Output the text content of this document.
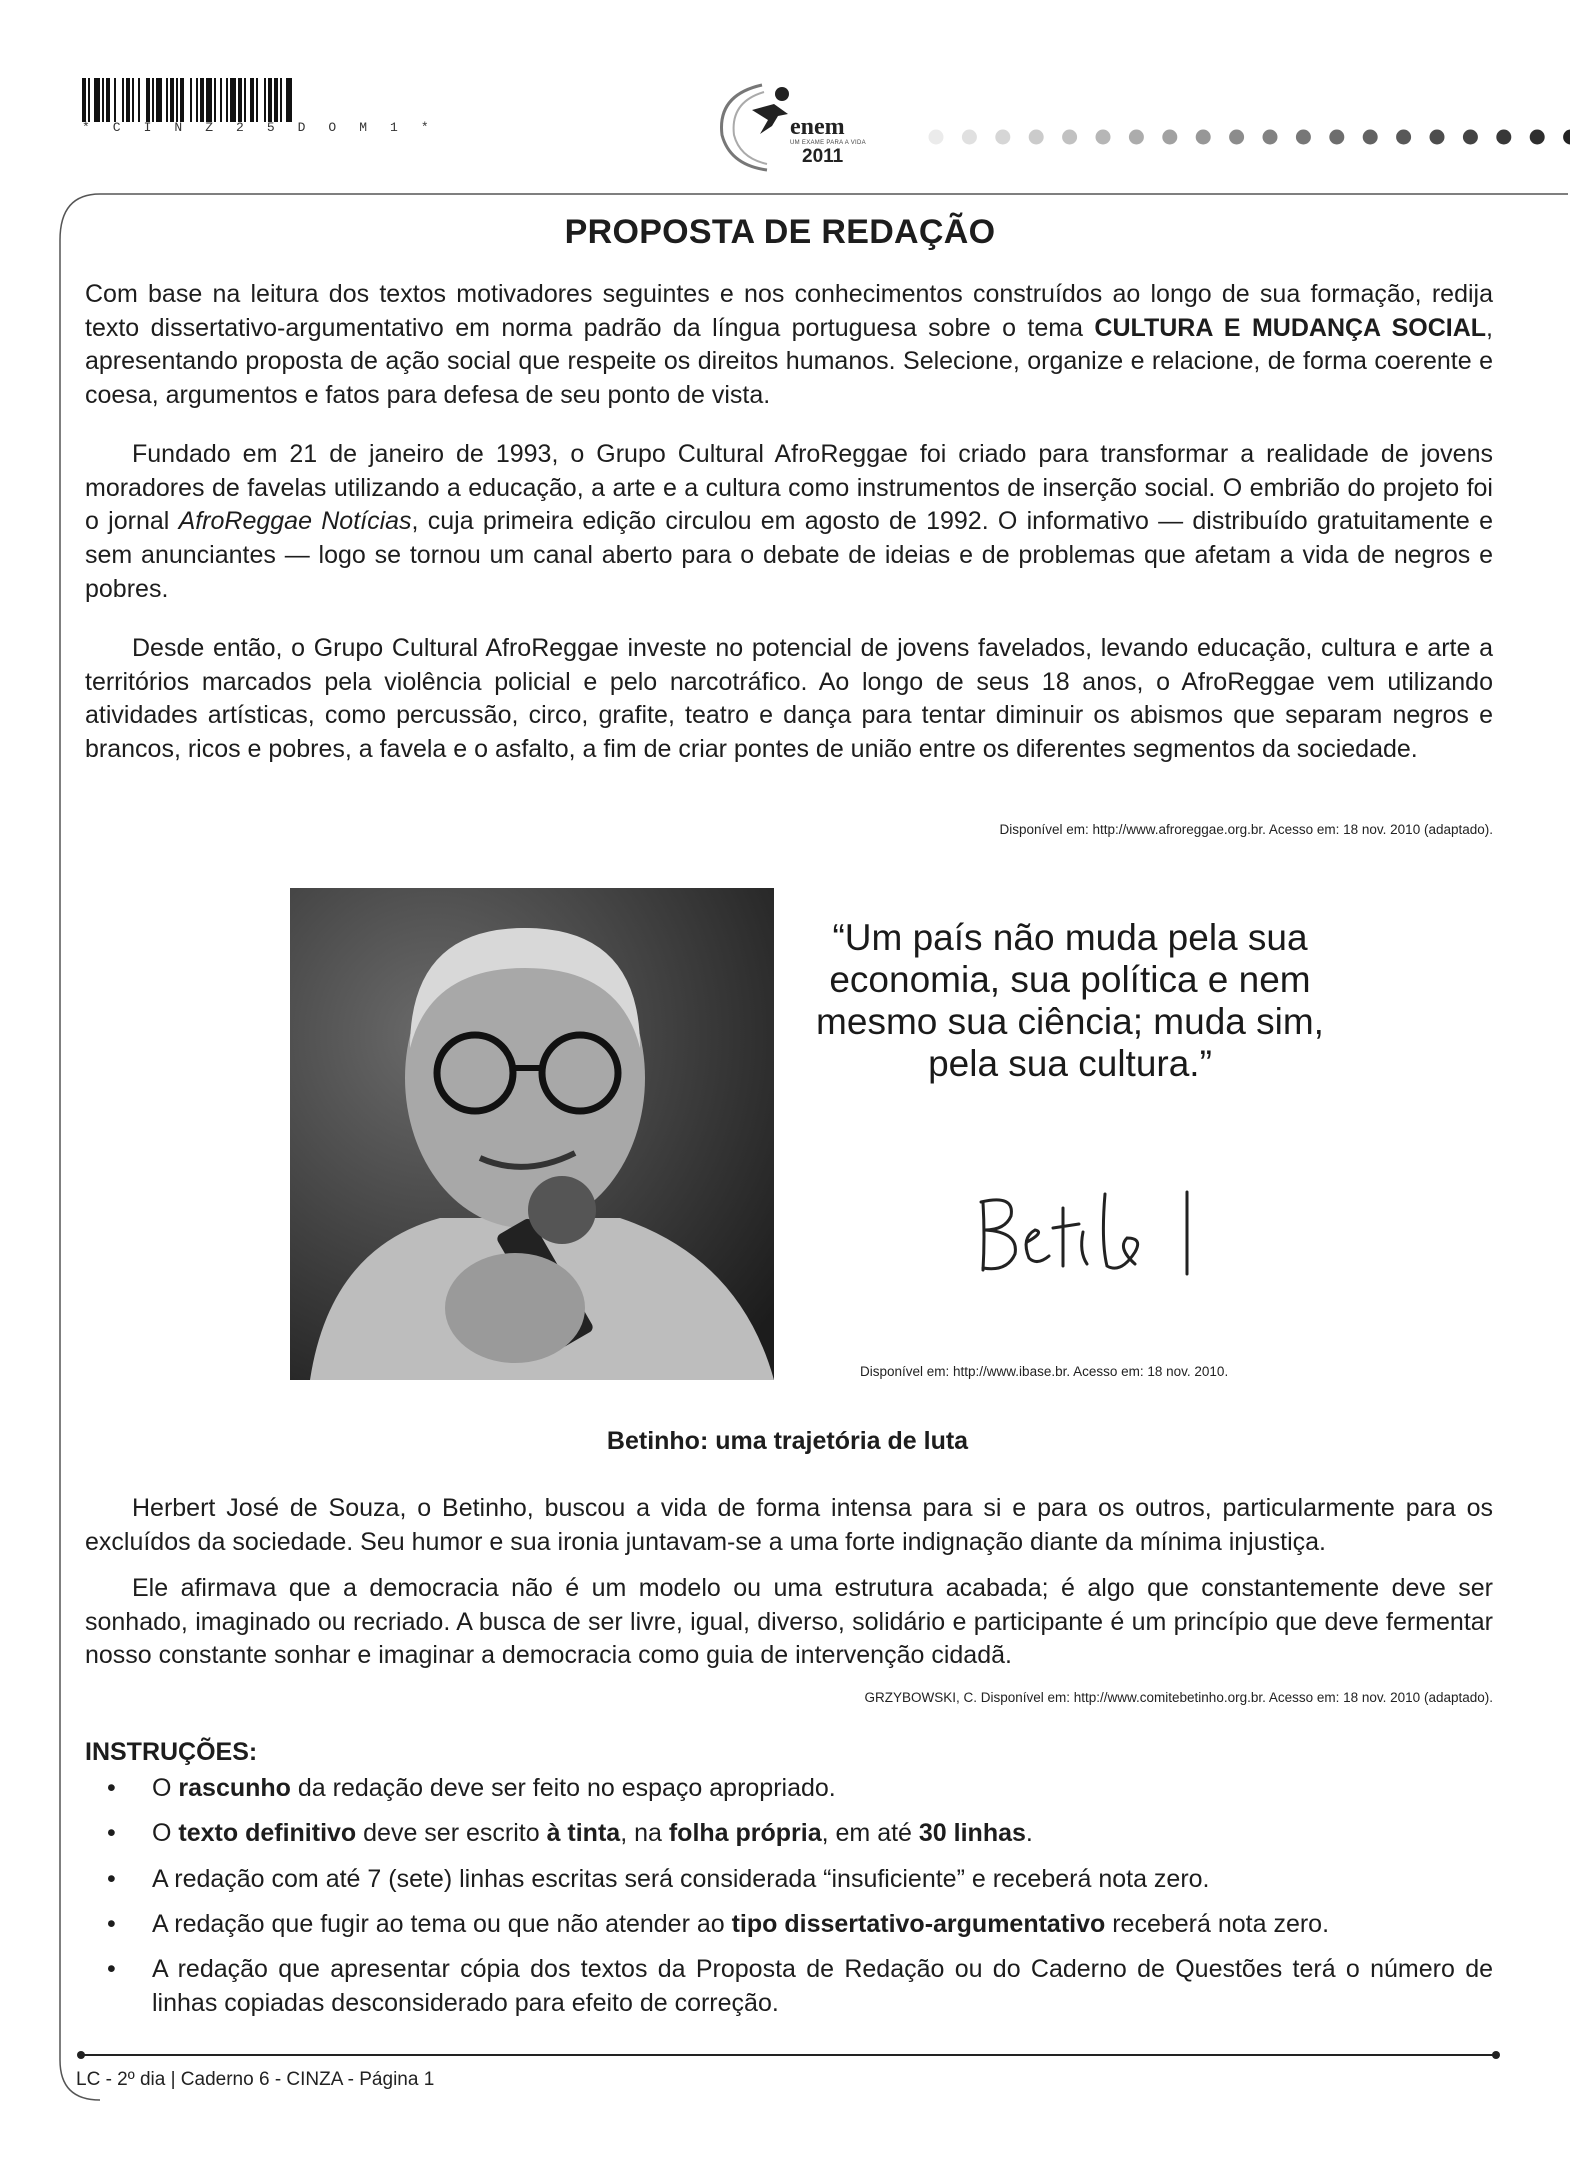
* C I N Z 2 5 D O M 1 *	enem
UM EXAME PARA A VIDA
2011
PROPOSTA DE REDAÇÃO
Com base na leitura dos textos motivadores seguintes e nos conhecimentos construídos ao longo de sua formação, redija texto dissertativo-argumentativo em norma padrão da língua portuguesa sobre o tema CULTURA E MUDANÇA SOCIAL, apresentando proposta de ação social que respeite os direitos humanos. Selecione, organize e relacione, de forma coerente e coesa, argumentos e fatos para defesa de seu ponto de vista.
Fundado em 21 de janeiro de 1993, o Grupo Cultural AfroReggae foi criado para transformar a realidade de jovens moradores de favelas utilizando a educação, a arte e a cultura como instrumentos de inserção social. O embrião do projeto foi o jornal AfroReggae Notícias, cuja primeira edição circulou em agosto de 1992. O informativo — distribuído gratuitamente e sem anunciantes — logo se tornou um canal aberto para o debate de ideias e de problemas que afetam a vida de negros e pobres.
Desde então, o Grupo Cultural AfroReggae investe no potencial de jovens favelados, levando educação, cultura e arte a territórios marcados pela violência policial e pelo narcotráfico. Ao longo de seus 18 anos, o AfroReggae vem utilizando atividades artísticas, como percussão, circo, grafite, teatro e dança para tentar diminuir os abismos que separam negros e brancos, ricos e pobres, a favela e o asfalto, a fim de criar pontes de união entre os diferentes segmentos da sociedade.
Disponível em: http://www.afroreggae.org.br. Acesso em: 18 nov. 2010 (adaptado).
“Um país não muda pela sua
economia, sua política e nem
mesmo sua ciência; muda sim,
pela sua cultura.”
Disponível em: http://www.ibase.br. Acesso em: 18 nov. 2010.
Betinho: uma trajetória de luta
Herbert José de Souza, o Betinho, buscou a vida de forma intensa para si e para os outros, particularmente para os excluídos da sociedade. Seu humor e sua ironia juntavam-se a uma forte indignação diante da mínima injustiça.
Ele afirmava que a democracia não é um modelo ou uma estrutura acabada; é algo que constantemente deve ser sonhado, imaginado ou recriado. A busca de ser livre, igual, diverso, solidário e participante é um princípio que deve fermentar nosso constante sonhar e imaginar a democracia como guia de intervenção cidadã.
GRZYBOWSKI, C. Disponível em: http://www.comitebetinho.org.br. Acesso em: 18 nov. 2010 (adaptado).
INSTRUÇÕES:
• O rascunho da redação deve ser feito no espaço apropriado.
• O texto definitivo deve ser escrito à tinta, na folha própria, em até 30 linhas.
• A redação com até 7 (sete) linhas escritas será considerada “insuficiente” e receberá nota zero.
• A redação que fugir ao tema ou que não atender ao tipo dissertativo-argumentativo receberá nota zero.
• A redação que apresentar cópia dos textos da Proposta de Redação ou do Caderno de Questões terá o número de linhas copiadas desconsiderado para efeito de correção.
LC - 2º dia | Caderno 6 - CINZA - Página 1
